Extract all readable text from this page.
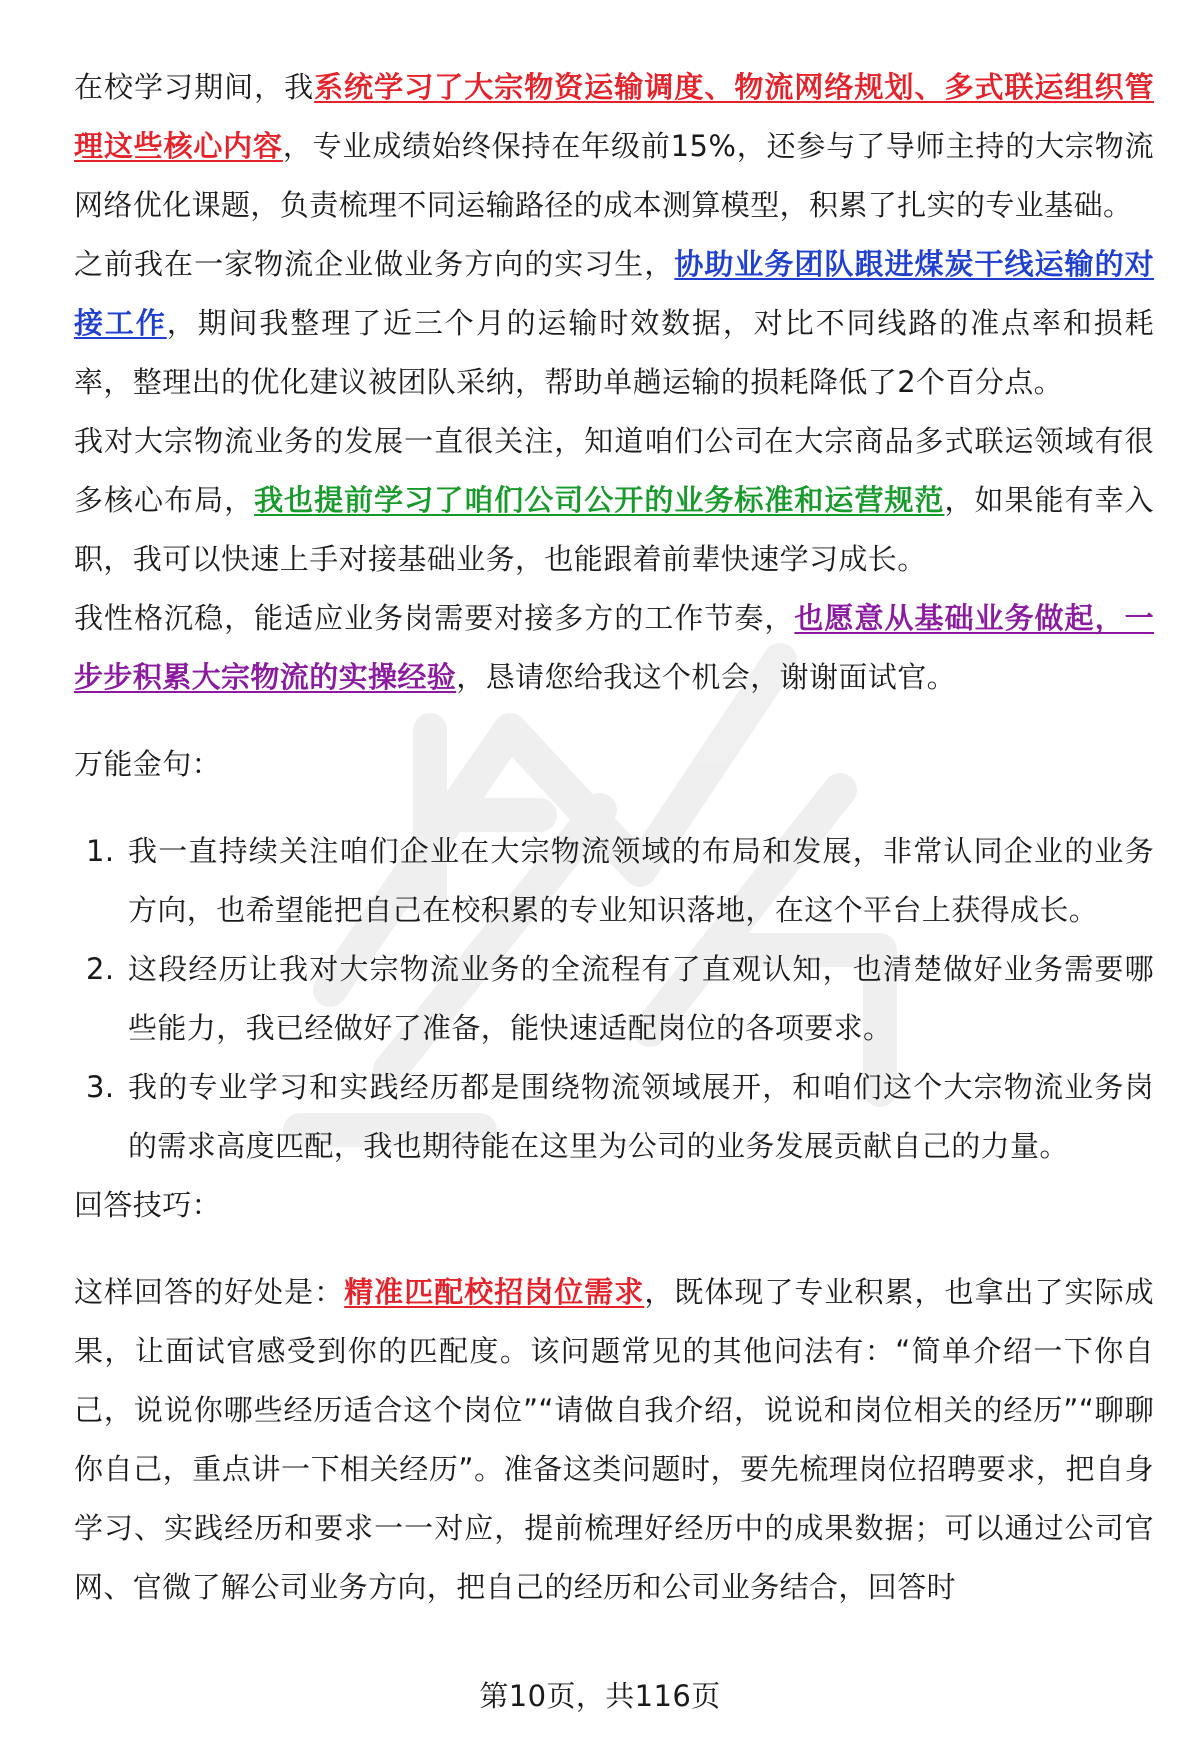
在校学习期间，我系统学习了大宗物资运输调度、物流网络规划、多式联运组织管理这些核心内容，专业成绩始终保持在年级前15%，还参与了导师主持的大宗物流网络优化课题，负责梳理不同运输路径的成本测算模型，积累了扎实的专业基础。

之前我在一家物流企业做业务方向的实习生，协助业务团队跟进煤炭干线运输的对接工作，期间我整理了近三个月的运输时效数据，对比不同线路的准点率和损耗率，整理出的优化建议被团队采纳，帮助单趟运输的损耗降低了2个百分点。

我对大宗物流业务的发展一直很关注，知道咱们公司在大宗商品多式联运领域有很多核心布局，我也提前学习了咱们公司公开的业务标准和运营规范，如果能有幸入职，我可以快速上手对接基础业务，也能跟着前辈快速学习成长。

我性格沉稳，能适应业务岗需要对接多方的工作节奏，也愿意从基础业务做起，一步步积累大宗物流的实操经验，恳请您给我这个机会，谢谢面试官。

万能金句：

1. 我一直持续关注咱们企业在大宗物流领域的布局和发展，非常认同企业的业务方向，也希望能把自己在校积累的专业知识落地，在这个平台上获得成长。
2. 这段经历让我对大宗物流业务的全流程有了直观认知，也清楚做好业务需要哪些能力，我已经做好了准备，能快速适配岗位的各项要求。
3. 我的专业学习和实践经历都是围绕物流领域展开，和咱们这个大宗物流业务岗的需求高度匹配，我也期待能在这里为公司的业务发展贡献自己的力量。

回答技巧：

这样回答的好处是：精准匹配校招岗位需求，既体现了专业积累，也拿出了实际成果，让面试官感受到你的匹配度。该问题常见的其他问法有：“简单介绍一下你自己，说说你哪些经历适合这个岗位”“请做自我介绍，说说和岗位相关的经历”“聊聊你自己，重点讲一下相关经历”。准备这类问题时，要先梳理岗位招聘要求，把自身学习、实践经历和要求一一对应，提前梳理好经历中的成果数据；可以通过公司官网、官微了解公司业务方向，把自己的经历和公司业务结合，回答时

第10页，共116页
